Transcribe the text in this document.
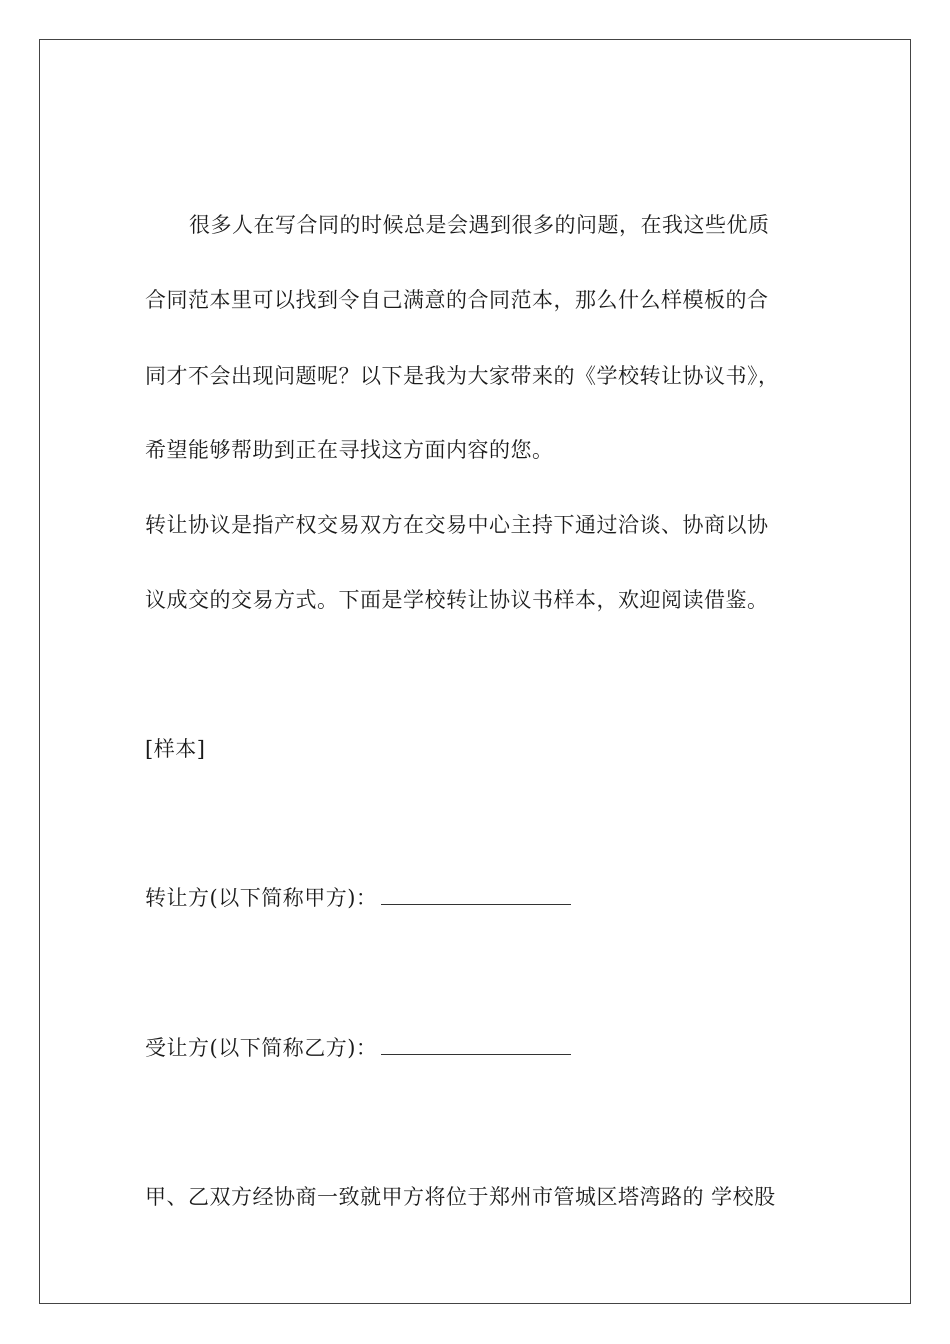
很多人在写合同的时候总是会遇到很多的问题，在我这些优质
合同范本里可以找到令自己满意的合同范本，那么什么样模板的合
同才不会出现问题呢？以下是我为大家带来的《学校转让协议书》，
希望能够帮助到正在寻找这方面内容的您。
转让协议是指产权交易双方在交易中心主持下通过洽谈、协商以协
议成交的交易方式。下面是学校转让协议书样本，欢迎阅读借鉴。
[样本]
转让方(以下简称甲方)：
受让方(以下简称乙方)：
甲、乙双方经协商一致就甲方将位于郑州市管城区塔湾路的 学校股
